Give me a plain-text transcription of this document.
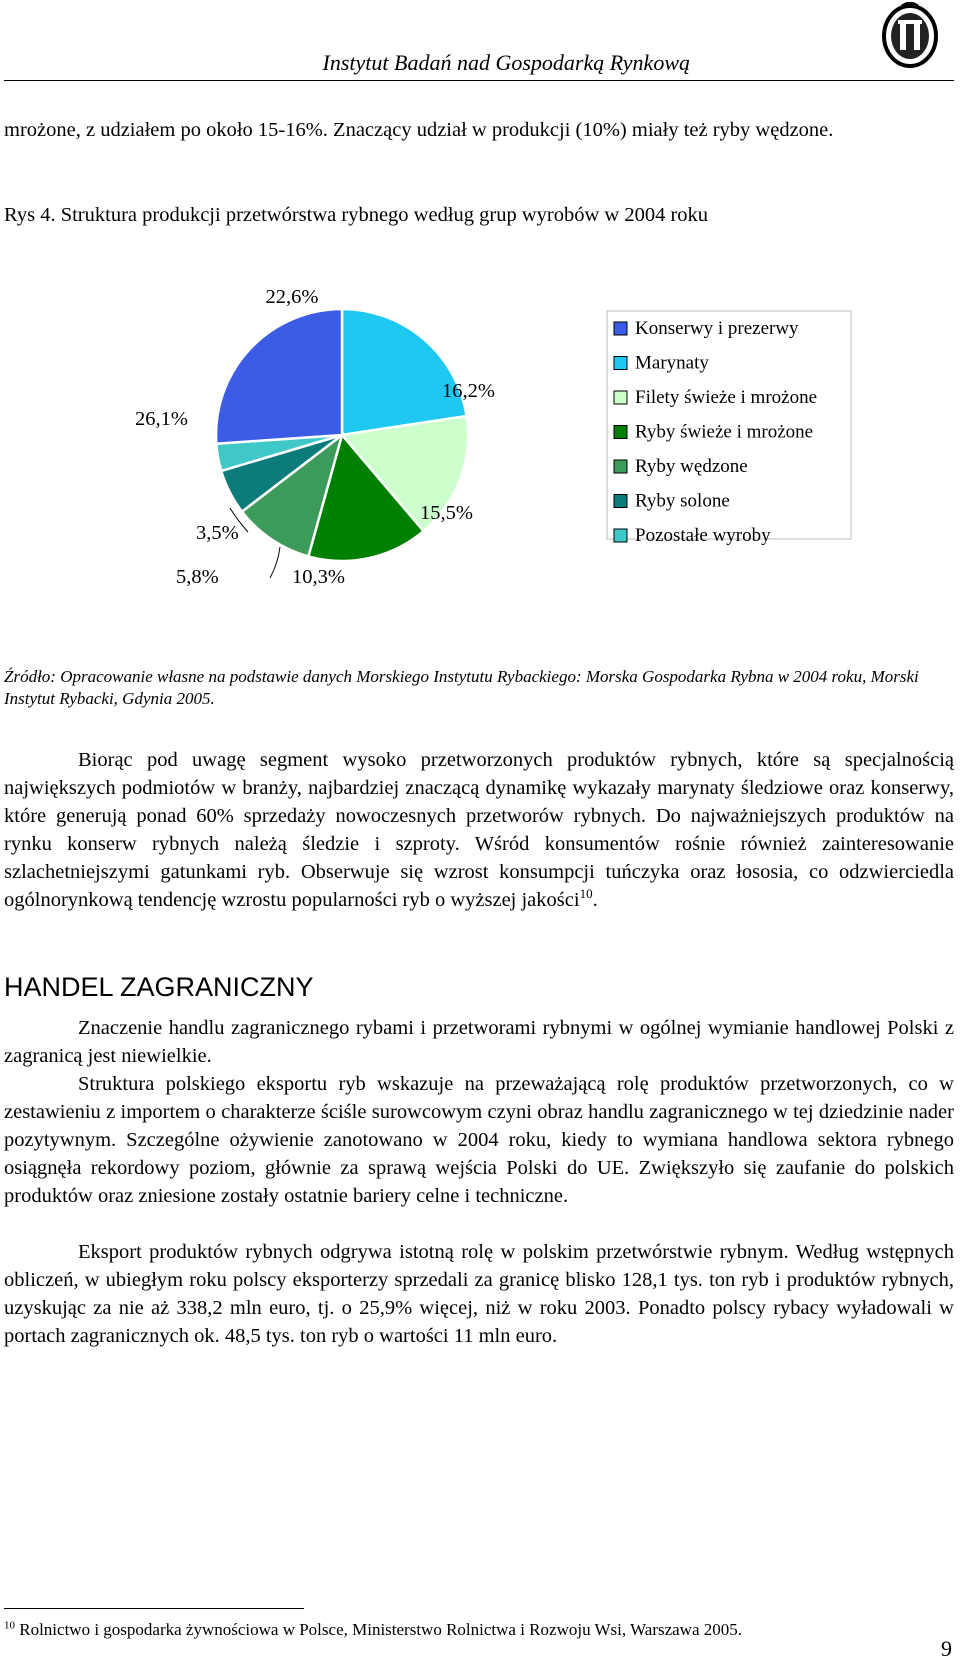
Instytut Badań nad Gospodarką Rynkową
mrożone, z udziałem po około 15-16%. Znaczący udział w produkcji (10%) miały też ryby wędzone.
Rys 4. Struktura produkcji przetwórstwa rybnego według grup wyrobów w 2004 roku
22,6%
16,2%
15,5%
10,3%
5,8%
3,5%
26,1%
Konserwy i prezerwy
Marynaty
Filety świeże i mrożone
Ryby świeże i mrożone
Ryby wędzone
Ryby solone
Pozostałe wyroby
Źródło: Opracowanie własne na podstawie danych Morskiego Instytutu Rybackiego: Morska Gospodarka Rybna w 2004 roku, Morski Instytut Rybacki, Gdynia 2005.
Biorąc pod uwagę segment wysoko przetworzonych produktów rybnych, które są specjalnością największych podmiotów w branży, najbardziej znaczącą dynamikę wykazały marynaty śledziowe oraz konserwy, które generują ponad 60% sprzedaży nowoczesnych przetworów rybnych. Do najważniejszych produktów na rynku konserw rybnych należą śledzie i szproty. Wśród konsumentów rośnie również zainteresowanie szlachetniejszymi gatunkami ryb. Obserwuje się wzrost konsumpcji tuńczyka oraz łososia, co odzwierciedla ogólnorynkową tendencję wzrostu popularności ryb o wyższej jakości$^{10}$.
HANDEL ZAGRANICZNY
Znaczenie handlu zagranicznego rybami i przetworami rybnymi w ogólnej wymianie handlowej Polski z zagranicą jest niewielkie.
Struktura polskiego eksportu ryb wskazuje na przeważającą rolę produktów przetworzonych, co w zestawieniu z importem o charakterze ściśle surowcowym czyni obraz handlu zagranicznego w tej dziedzinie nader pozytywnym. Szczególne ożywienie zanotowano w 2004 roku, kiedy to wymiana handlowa sektora rybnego osiągnęła rekordowy poziom, głównie za sprawą wejścia Polski do UE. Zwiększyło się zaufanie do polskich produktów oraz zniesione zostały ostatnie bariery celne i techniczne.
Eksport produktów rybnych odgrywa istotną rolę w polskim przetwórstwie rybnym. Według wstępnych obliczeń, w ubiegłym roku polscy eksporterzy sprzedali za granicę blisko 128,1 tys. ton ryb i produktów rybnych, uzyskując za nie aż 338,2 mln euro, tj. o 25,9% więcej, niż w roku 2003. Ponadto polscy rybacy wyładowali w portach zagranicznych ok. 48,5 tys. ton ryb o wartości 11 mln euro.
$^{10}$ Rolnictwo i gospodarka żywnościowa w Polsce, Ministerstwo Rolnictwa i Rozwoju Wsi, Warszawa 2005.
9
